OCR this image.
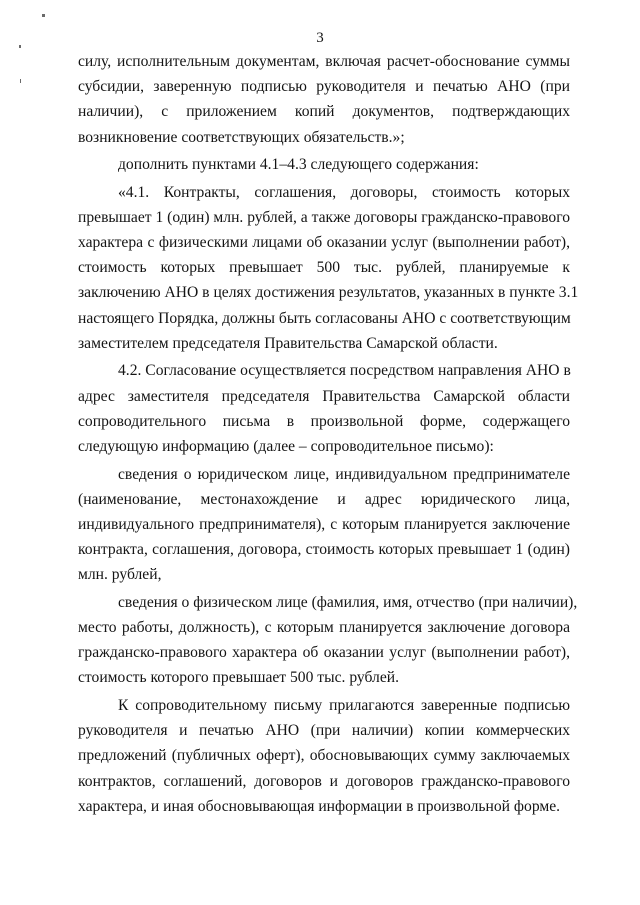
3
силу, исполнительным документам, включая расчет-обоснование суммы
субсидии, заверенную подписью руководителя и печатью АНО (при
наличии), с приложением копий документов, подтверждающих
возникновение соответствующих обязательств.»;
дополнить пунктами 4.1–4.3 следующего содержания:
«4.1. Контракты, соглашения, договоры, стоимость которых
превышает 1 (один) млн. рублей, а также договоры гражданско-правового
характера с физическими лицами об оказании услуг (выполнении работ),
стоимость которых превышает 500 тыс. рублей, планируемые к
заключению АНО в целях достижения результатов, указанных в пункте 3.1
настоящего Порядка, должны быть согласованы АНО с соответствующим
заместителем председателя Правительства Самарской области.
4.2. Согласование осуществляется посредством направления АНО в
адрес заместителя председателя Правительства Самарской области
сопроводительного письма в произвольной форме, содержащего
следующую информацию (далее – сопроводительное письмо):
сведения о юридическом лице, индивидуальном предпринимателе
(наименование, местонахождение и адрес юридического лица,
индивидуального предпринимателя), с которым планируется заключение
контракта, соглашения, договора, стоимость которых превышает 1 (один)
млн. рублей,
сведения о физическом лице (фамилия, имя, отчество (при наличии),
место работы, должность), с которым планируется заключение договора
гражданско-правового характера об оказании услуг (выполнении работ),
стоимость которого превышает 500 тыс. рублей.
К сопроводительному письму прилагаются заверенные подписью
руководителя и печатью АНО (при наличии) копии коммерческих
предложений (публичных оферт), обосновывающих сумму заключаемых
контрактов, соглашений, договоров и договоров гражданско-правового
характера, и иная обосновывающая информации в произвольной форме.
